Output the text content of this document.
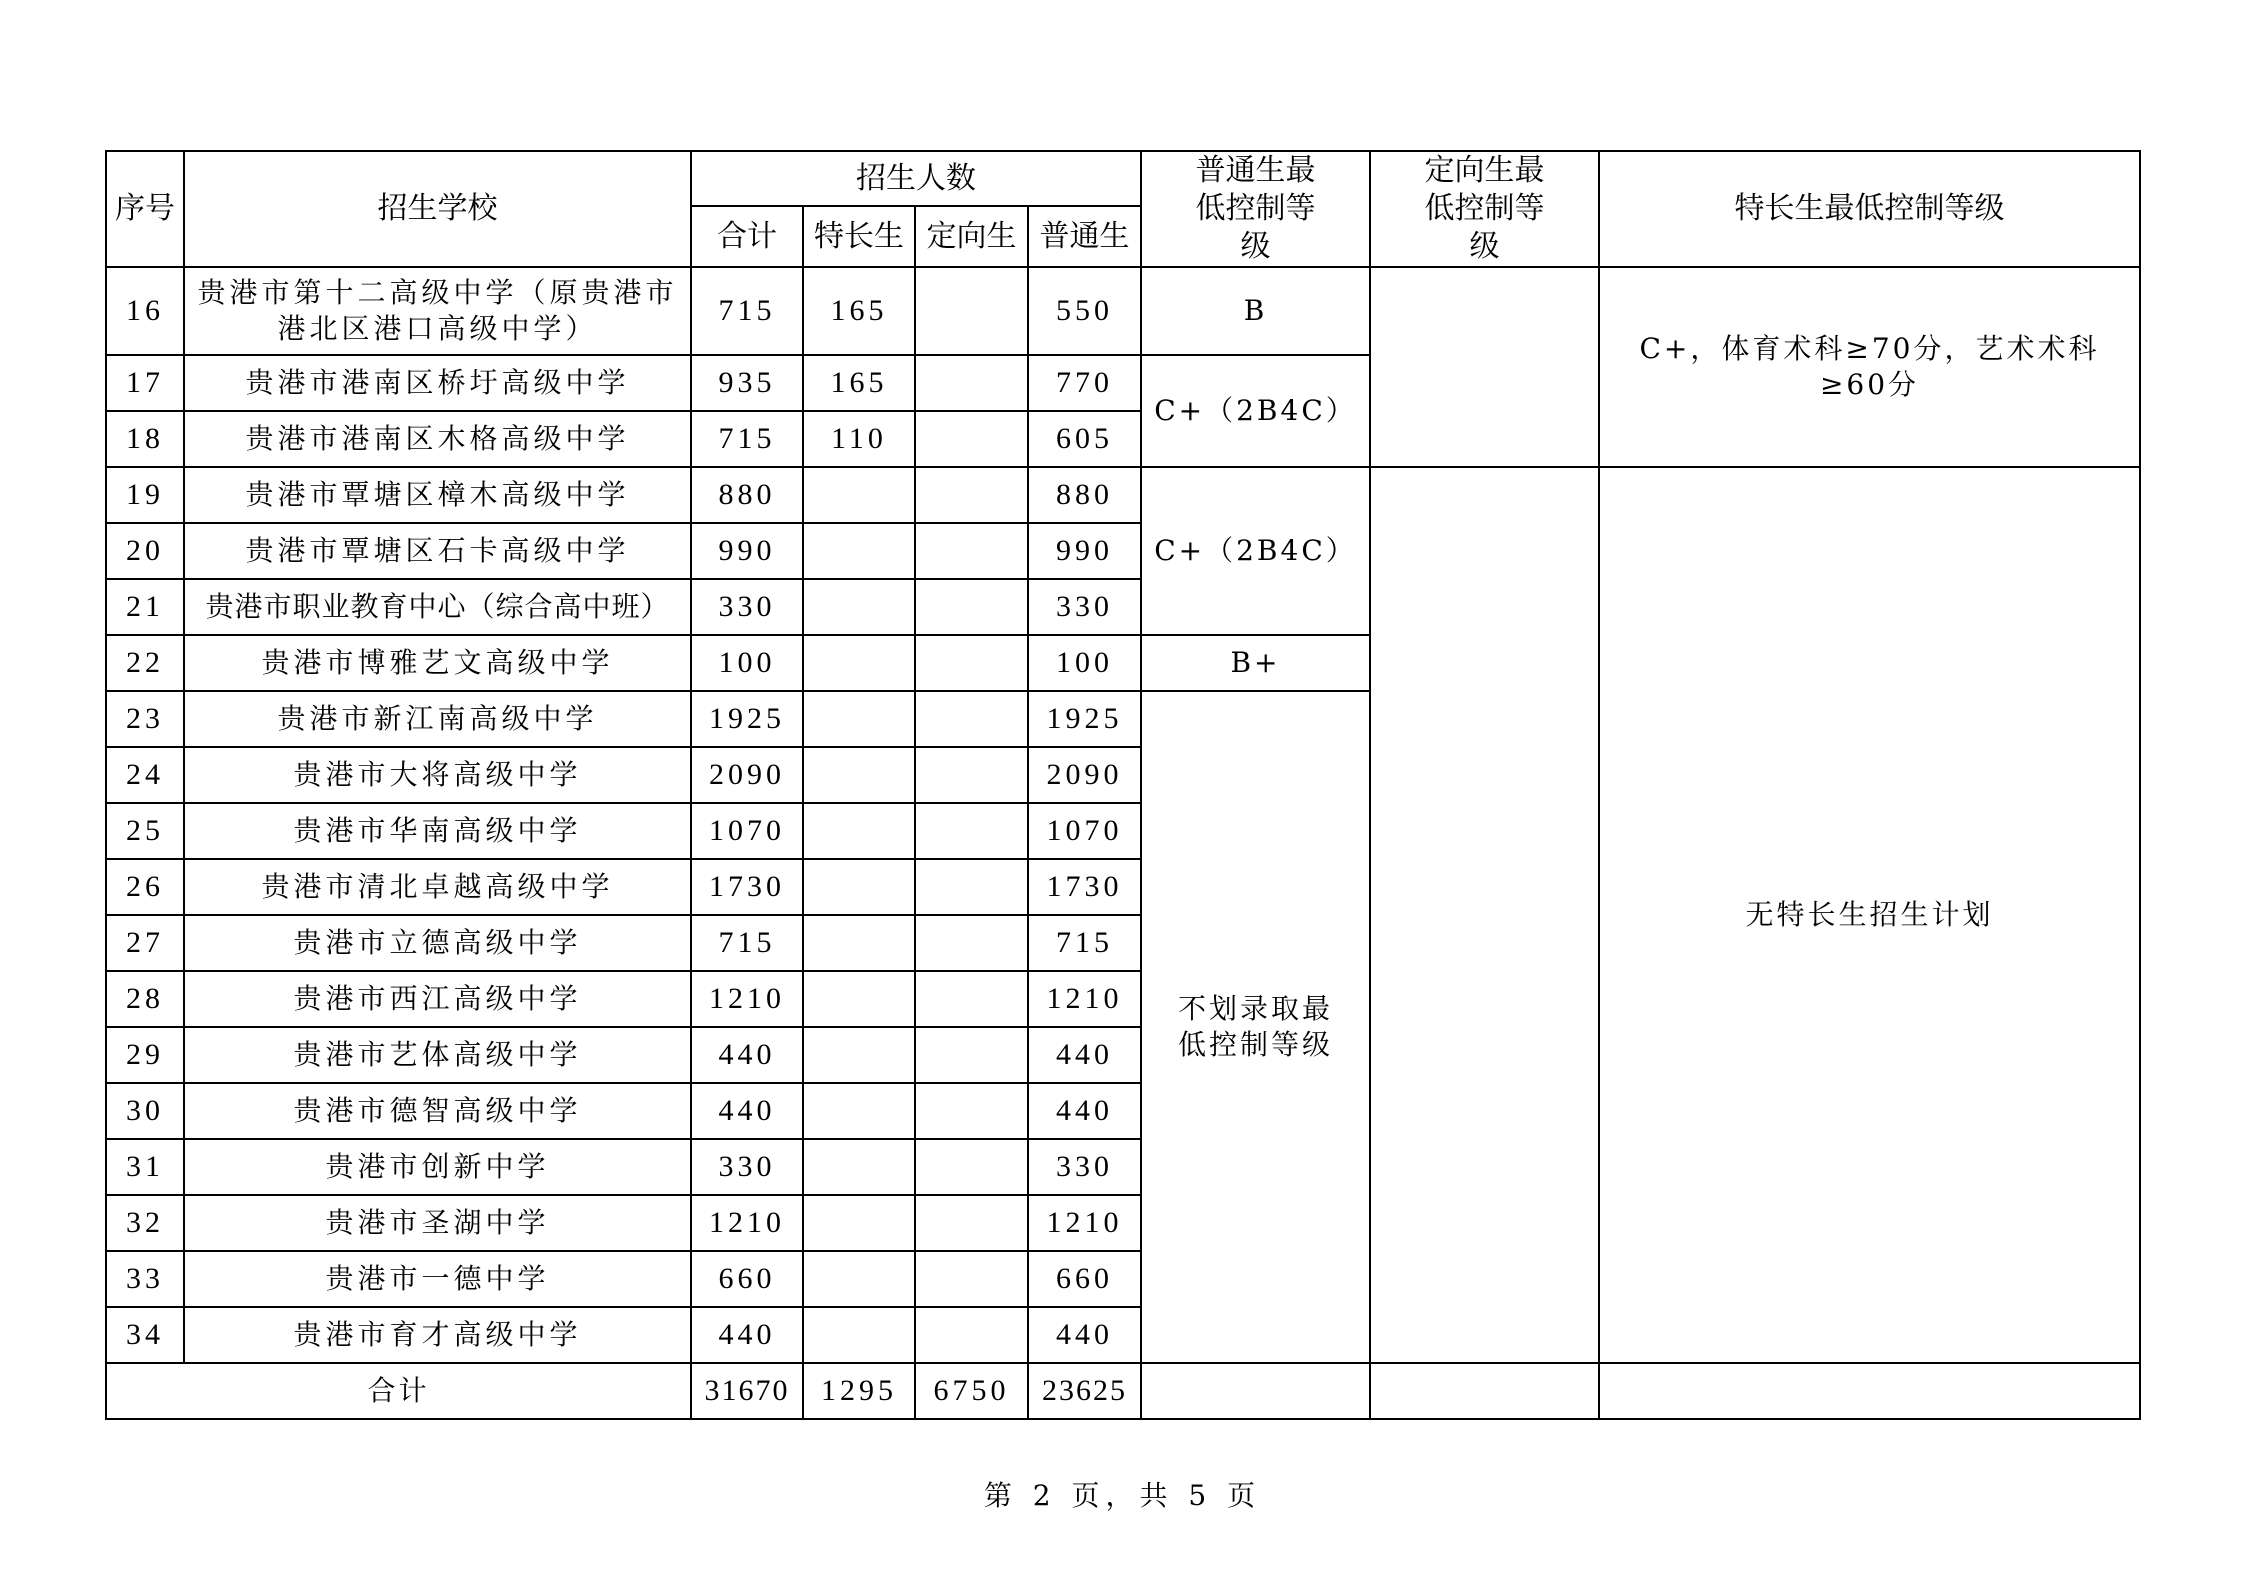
序号	招生学校	招生人数				普通生最低控制等级	定向生最低控制等级	特长生最低控制等级
		合计	特长生	定向生	普通生			
16	贵港市第十二高级中学（原贵港市港北区港口高级中学）	715	165		550	B		C+，体育术科≥70分，艺术术科≥60分
17	贵港市港南区桥圩高级中学	935	165		770	C+（2B4C）		
18	贵港市港南区木格高级中学	715	110		605			
19	贵港市覃塘区樟木高级中学	880			880	C+（2B4C）		无特长生招生计划
20	贵港市覃塘区石卡高级中学	990			990			
21	贵港市职业教育中心（综合高中班）	330			330			
22	贵港市博雅艺文高级中学	100			100	B+		
23	贵港市新江南高级中学	1925			1925	不划录取最低控制等级		
24	贵港市大将高级中学	2090			2090			
25	贵港市华南高级中学	1070			1070			
26	贵港市清北卓越高级中学	1730			1730			
27	贵港市立德高级中学	715			715			
28	贵港市西江高级中学	1210			1210			
29	贵港市艺体高级中学	440			440			
30	贵港市德智高级中学	440			440			
31	贵港市创新中学	330			330			
32	贵港市圣湖中学	1210			1210			
33	贵港市一德中学	660			660			
34	贵港市育才高级中学	440			440			
合计		31670	1295	6750	23625			
第 2 页，共 5 页
